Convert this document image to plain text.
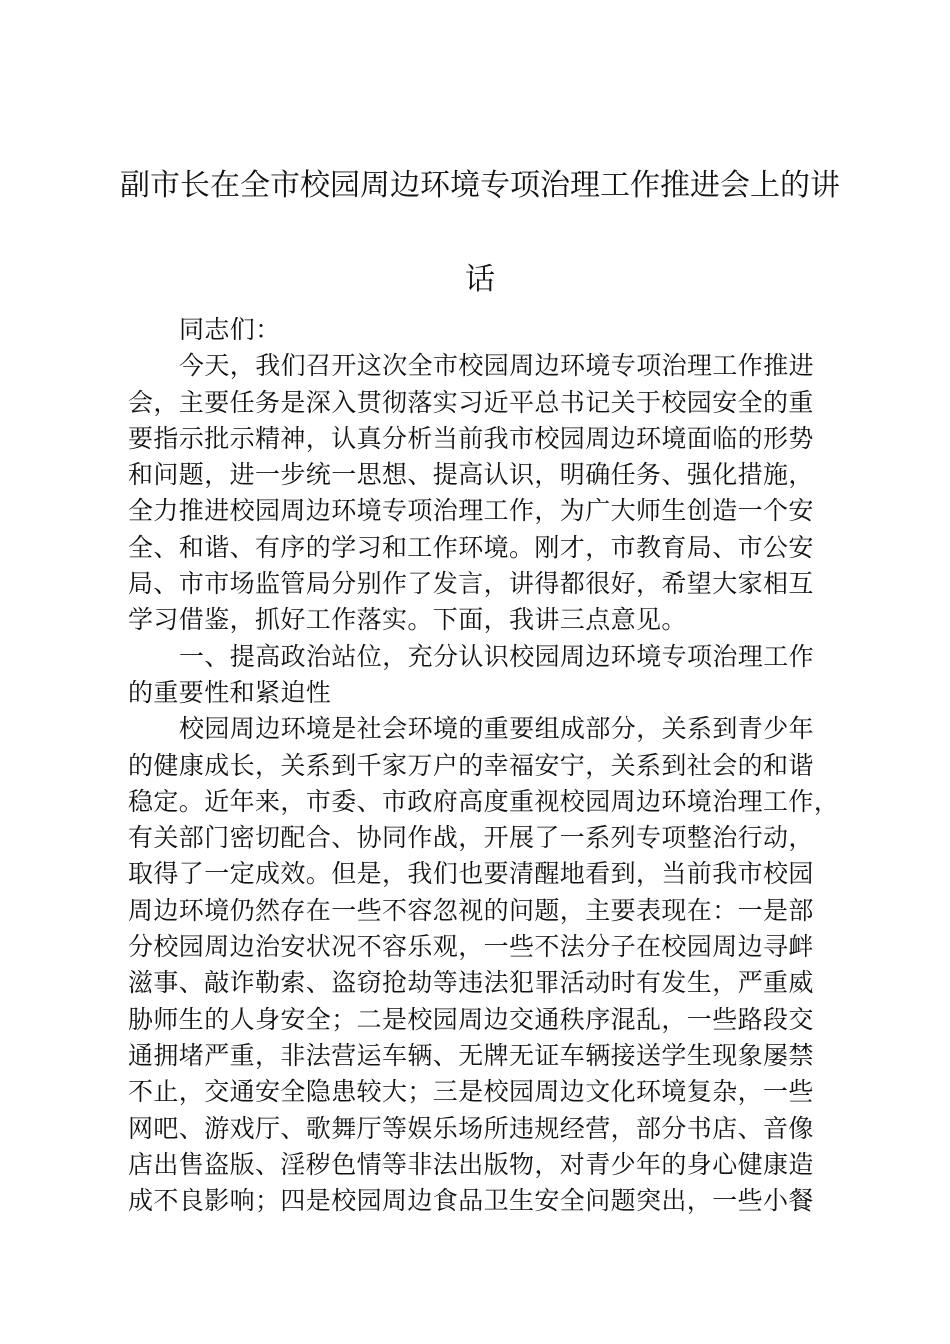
副市长在全市校园周边环境专项治理工作推进会上的讲
话
同志们：
今天，我们召开这次全市校园周边环境专项治理工作推进
会，主要任务是深入贯彻落实习近平总书记关于校园安全的重
要指示批示精神，认真分析当前我市校园周边环境面临的形势
和问题，进一步统一思想、提高认识，明确任务、强化措施，
全力推进校园周边环境专项治理工作，为广大师生创造一个安
全、和谐、有序的学习和工作环境。刚才，市教育局、市公安
局、市市场监管局分别作了发言，讲得都很好，希望大家相互
学习借鉴，抓好工作落实。下面，我讲三点意见。
一、提高政治站位，充分认识校园周边环境专项治理工作
的重要性和紧迫性
校园周边环境是社会环境的重要组成部分，关系到青少年
的健康成长，关系到千家万户的幸福安宁，关系到社会的和谐
稳定。近年来，市委、市政府高度重视校园周边环境治理工作，
有关部门密切配合、协同作战，开展了一系列专项整治行动，
取得了一定成效。但是，我们也要清醒地看到，当前我市校园
周边环境仍然存在一些不容忽视的问题，主要表现在：一是部
分校园周边治安状况不容乐观，一些不法分子在校园周边寻衅
滋事、敲诈勒索、盗窃抢劫等违法犯罪活动时有发生，严重威
胁师生的人身安全；二是校园周边交通秩序混乱，一些路段交
通拥堵严重，非法营运车辆、无牌无证车辆接送学生现象屡禁
不止，交通安全隐患较大；三是校园周边文化环境复杂，一些
网吧、游戏厅、歌舞厅等娱乐场所违规经营，部分书店、音像
店出售盗版、淫秽色情等非法出版物，对青少年的身心健康造
成不良影响；四是校园周边食品卫生安全问题突出，一些小餐
